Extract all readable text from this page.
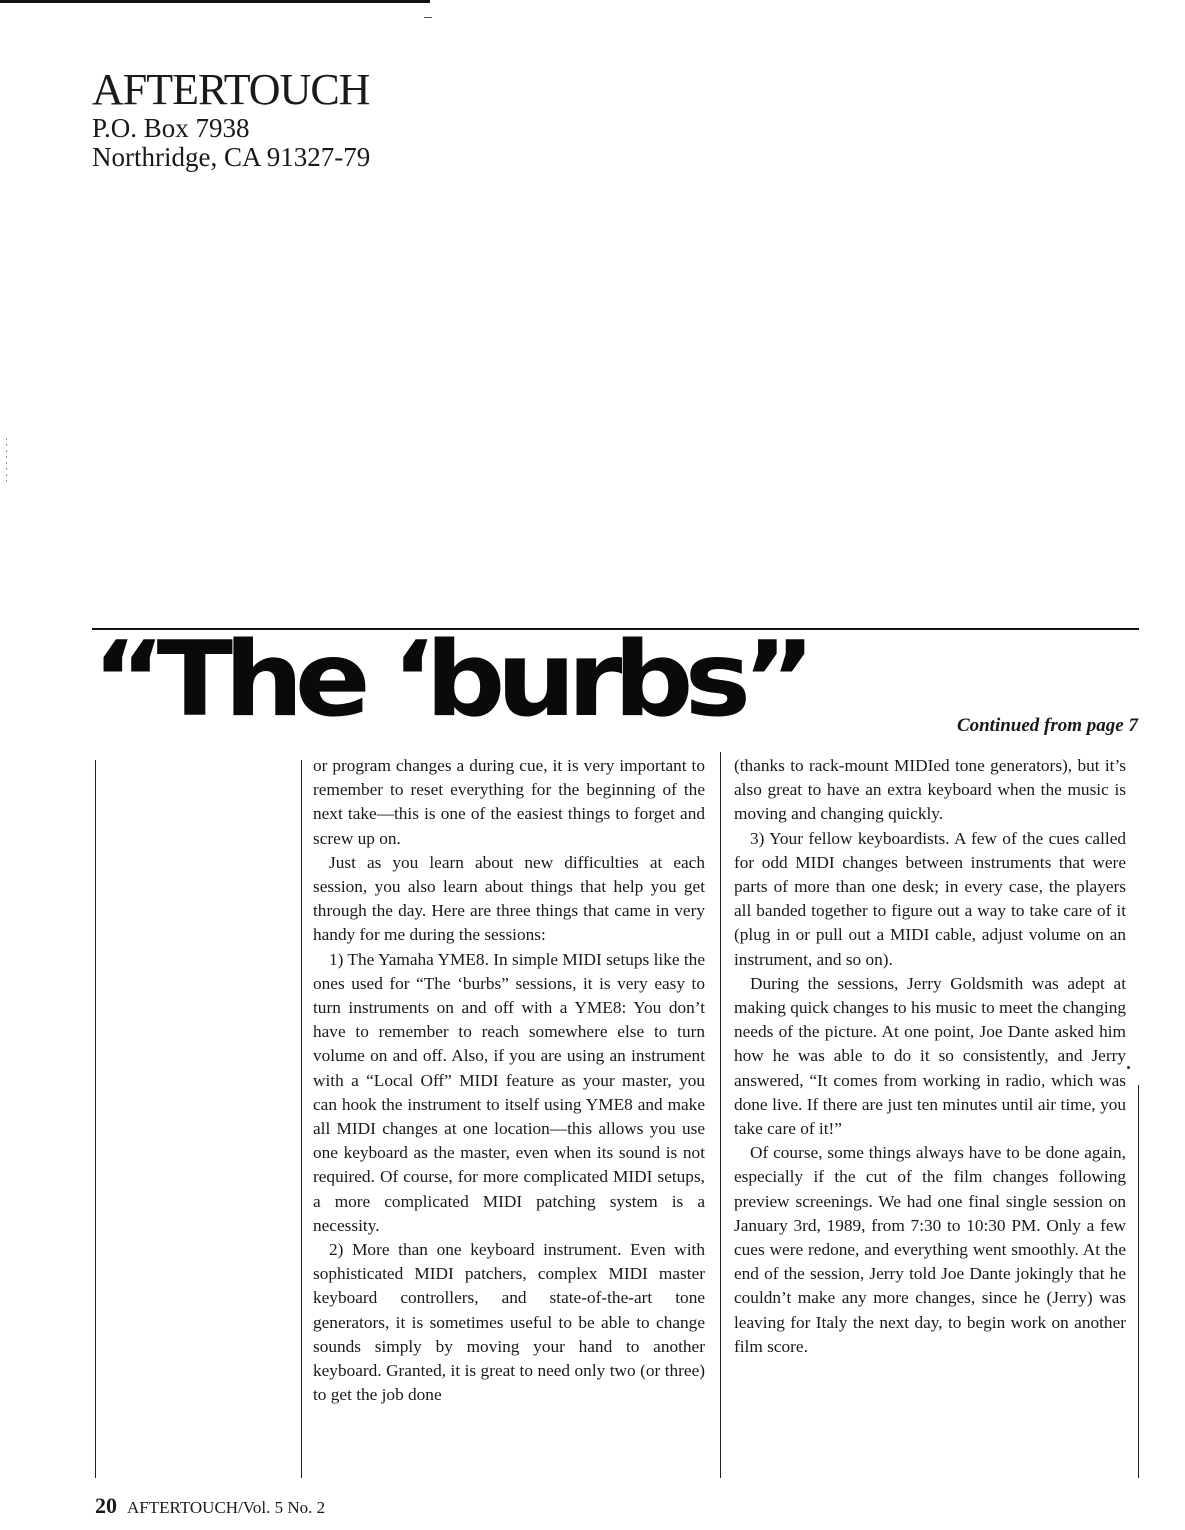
AFTERTOUCH
P.O. Box 7938
Northridge, CA 91327-79
“The ‘burbs”	Continued from page 7

or program changes a during cue, it is very important to remember to reset everything for the beginning of the next take—this is one of the easiest things to forget and screw up on.

Just as you learn about new difficulties at each session, you also learn about things that help you get through the day. Here are three things that came in very handy for me during the sessions:

1) The Yamaha YME8. In simple MIDI setups like the ones used for “The ‘burbs” sessions, it is very easy to turn instruments on and off with a YME8: You don’t have to remember to reach somewhere else to turn volume on and off. Also, if you are using an instrument with a “Local Off” MIDI feature as your master, you can hook the instrument to itself using YME8 and make all MIDI changes at one location—this allows you use one keyboard as the master, even when its sound is not required. Of course, for more complicated MIDI setups, a more complicated MIDI patching system is a necessity.

2) More than one keyboard instrument. Even with sophisticated MIDI patchers, complex MIDI master keyboard controllers, and state-of-the-art tone generators, it is sometimes useful to be able to change sounds simply by moving your hand to another keyboard. Granted, it is great to need only two (or three) to get the job done

(thanks to rack-mount MIDIed tone generators), but it’s also great to have an extra keyboard when the music is moving and changing quickly.

3) Your fellow keyboardists. A few of the cues called for odd MIDI changes between instruments that were parts of more than one desk; in every case, the players all banded together to figure out a way to take care of it (plug in or pull out a MIDI cable, adjust volume on an instrument, and so on).

During the sessions, Jerry Goldsmith was adept at making quick changes to his music to meet the changing needs of the picture. At one point, Joe Dante asked him how he was able to do it so consistently, and Jerry answered, “It comes from working in radio, which was done live. If there are just ten minutes until air time, you take care of it!”

Of course, some things always have to be done again, especially if the cut of the film changes following preview screenings. We had one final single session on January 3rd, 1989, from 7:30 to 10:30 PM. Only a few cues were redone, and everything went smoothly. At the end of the session, Jerry told Joe Dante jokingly that he couldn’t make any more changes, since he (Jerry) was leaving for Italy the next day, to begin work on another film score.

20 AFTERTOUCH/Vol. 5 No. 2
